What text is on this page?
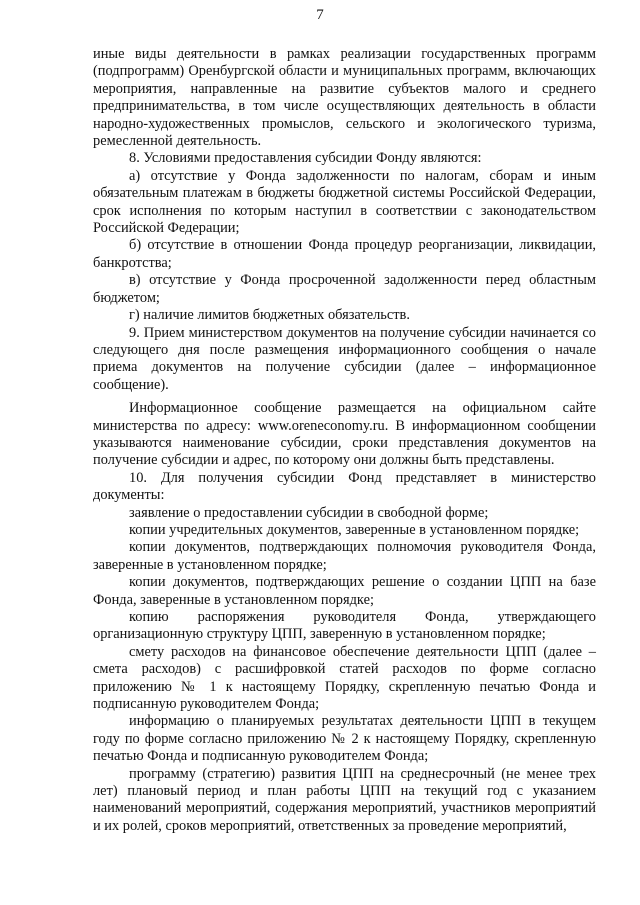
7

иные виды деятельности в рамках реализации государственных программ (подпрограмм) Оренбургской области и муниципальных программ, включающих мероприятия, направленные на развитие субъектов малого и среднего предпринимательства, в том числе осуществляющих деятельность в области народно-художественных промыслов, сельского и экологического туризма, ремесленной деятельность.

8. Условиями предоставления субсидии Фонду являются:

а) отсутствие у Фонда задолженности по налогам, сборам и иным обязательным платежам в бюджеты бюджетной системы Российской Федерации, срок исполнения по которым наступил в соответствии с законодательством Российской Федерации;

б) отсутствие в отношении Фонда процедур реорганизации, ликвидации, банкротства;

в) отсутствие у Фонда просроченной задолженности перед областным бюджетом;

г) наличие лимитов бюджетных обязательств.

9. Прием министерством документов на получение субсидии начинается со следующего дня после размещения информационного сообщения о начале приема документов на получение субсидии (далее – информационное сообщение).

Информационное сообщение размещается на официальном сайте министерства по адресу: www.oreneconomy.ru. В информационном сообщении указываются наименование субсидии, сроки представления документов на получение субсидии и адрес, по которому они должны быть представлены.

10. Для получения субсидии Фонд представляет в министерство документы:

заявление о предоставлении субсидии в свободной форме;

копии учредительных документов, заверенные в установленном порядке;

копии документов, подтверждающих полномочия руководителя Фонда, заверенные в установленном порядке;

копии документов, подтверждающих решение о создании ЦПП на базе Фонда, заверенные в установленном порядке;

копию распоряжения руководителя Фонда, утверждающего организационную структуру ЦПП, заверенную в установленном порядке;

смету расходов на финансовое обеспечение деятельности ЦПП (далее – смета расходов) с расшифровкой статей расходов по форме согласно приложению № 1 к настоящему Порядку, скрепленную печатью Фонда и подписанную руководителем Фонда;

информацию о планируемых результатах деятельности ЦПП в текущем году по форме согласно приложению № 2 к настоящему Порядку, скрепленную печатью Фонда и подписанную руководителем Фонда;

программу (стратегию) развития ЦПП на среднесрочный (не менее трех лет) плановый период и план работы ЦПП на текущий год с указанием наименований мероприятий, содержания мероприятий, участников мероприятий и их ролей, сроков мероприятий, ответственных за проведение мероприятий,
